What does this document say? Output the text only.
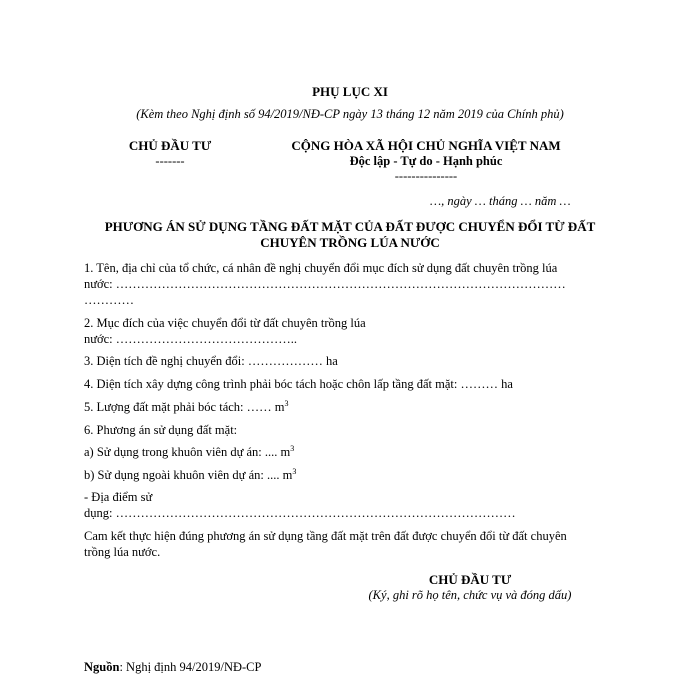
PHỤ LỤC XI
(Kèm theo Nghị định số 94/2019/NĐ-CP ngày 13 tháng 12 năm 2019 của Chính phủ)
CHỦ ĐẦU TƯ
-------
CỘNG HÒA XÃ HỘI CHỦ NGHĨA VIỆT NAM
Độc lập - Tự do - Hạnh phúc
---------------
…, ngày … tháng … năm …
PHƯƠNG ÁN SỬ DỤNG TẦNG ĐẤT MẶT CỦA ĐẤT ĐƯỢC CHUYỂN ĐỔI TỪ ĐẤT
CHUYÊN TRỒNG LÚA NƯỚC
1. Tên, địa chỉ của tổ chức, cá nhân đề nghị chuyển đổi mục đích sử dụng đất chuyên trồng lúa
nước: ………………………………………………………………………………………………
…………
2. Mục đích của việc chuyển đổi từ đất chuyên trồng lúa
nước: ……………………………………..
3. Diện tích đề nghị chuyển đổi: ……………… ha
4. Diện tích xây dựng công trình phải bóc tách hoặc chôn lấp tầng đất mặt: ……… ha
5. Lượng đất mặt phải bóc tách: …… $m^3$
6. Phương án sử dụng đất mặt:
a) Sử dụng trong khuôn viên dự án: .... $m^3$
b) Sử dụng ngoài khuôn viên dự án: .... $m^3$
- Địa điểm sử
dụng: ……………………………………………………………………………………
Cam kết thực hiện đúng phương án sử dụng tầng đất mặt trên đất được chuyển đổi từ đất chuyên
trồng lúa nước.
CHỦ ĐẦU TƯ
(Ký, ghi rõ họ tên, chức vụ và đóng dấu)
Nguồn: Nghị định 94/2019/NĐ-CP
